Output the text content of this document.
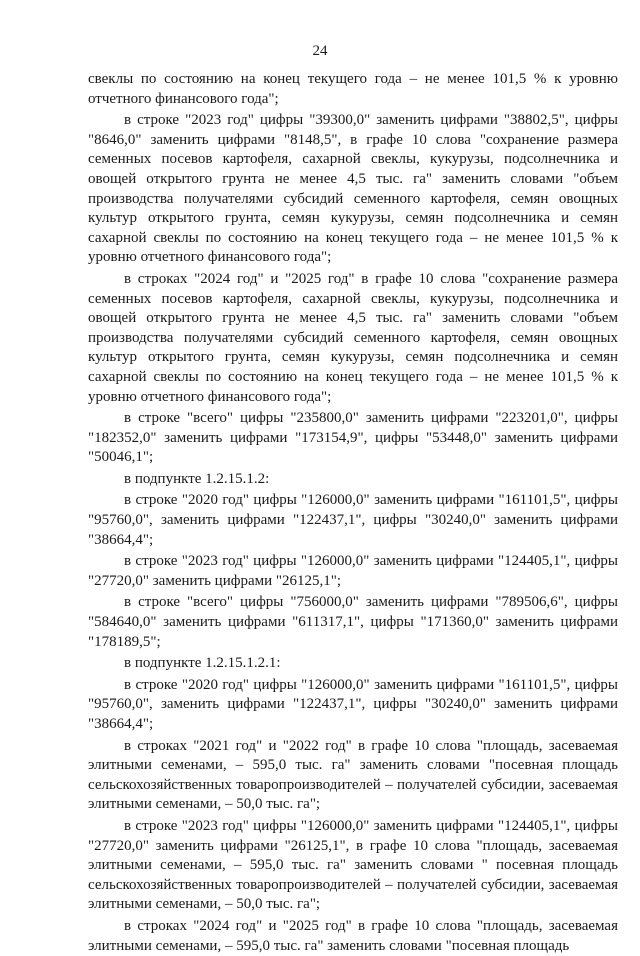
24

свеклы по состоянию на конец текущего года – не менее 101,5 % к уровню отчетного финансового года";

в строке "2023 год" цифры "39300,0" заменить цифрами "38802,5", цифры "8646,0" заменить цифрами "8148,5", в графе 10 слова "сохранение размера семенных посевов картофеля, сахарной свеклы, кукурузы, подсолнечника и овощей открытого грунта не менее 4,5 тыс. га" заменить словами "объем производства получателями субсидий семенного картофеля, семян овощных культур открытого грунта, семян кукурузы, семян подсолнечника и семян сахарной свеклы по состоянию на конец текущего года – не менее 101,5 % к уровню отчетного финансового года";

в строках "2024 год" и "2025 год" в графе 10 слова "сохранение размера семенных посевов картофеля, сахарной свеклы, кукурузы, подсолнечника и овощей открытого грунта не менее 4,5 тыс. га" заменить словами "объем производства получателями субсидий семенного картофеля, семян овощных культур открытого грунта, семян кукурузы, семян подсолнечника и семян сахарной свеклы по состоянию на конец текущего года – не менее 101,5 % к уровню отчетного финансового года";

в строке "всего" цифры "235800,0" заменить цифрами "223201,0", цифры "182352,0" заменить цифрами "173154,9", цифры "53448,0" заменить цифрами "50046,1";

в подпункте 1.2.15.1.2:

в строке "2020 год" цифры "126000,0" заменить цифрами "161101,5", цифры "95760,0", заменить цифрами "122437,1", цифры "30240,0" заменить цифрами "38664,4";

в строке "2023 год" цифры "126000,0" заменить цифрами "124405,1", цифры "27720,0" заменить цифрами "26125,1";

в строке "всего" цифры "756000,0" заменить цифрами "789506,6", цифры "584640,0" заменить цифрами "611317,1", цифры "171360,0" заменить цифрами "178189,5";

в подпункте 1.2.15.1.2.1:

в строке "2020 год" цифры "126000,0" заменить цифрами "161101,5", цифры "95760,0", заменить цифрами "122437,1", цифры "30240,0" заменить цифрами "38664,4";

в строках "2021 год" и "2022 год" в графе 10 слова "площадь, засеваемая элитными семенами, – 595,0 тыс. га" заменить словами "посевная площадь сельскохозяйственных товаропроизводителей – получателей субсидии, засеваемая элитными семенами, – 50,0 тыс. га";

в строке "2023 год" цифры "126000,0" заменить цифрами "124405,1", цифры "27720,0" заменить цифрами "26125,1", в графе 10 слова "площадь, засеваемая элитными семенами, – 595,0 тыс. га" заменить словами " посевная площадь сельскохозяйственных товаропроизводителей – получателей субсидии, засеваемая элитными семенами, – 50,0 тыс. га";

в строках "2024 год" и "2025 год" в графе 10 слова "площадь, засеваемая элитными семенами, – 595,0 тыс. га" заменить словами "посевная площадь
